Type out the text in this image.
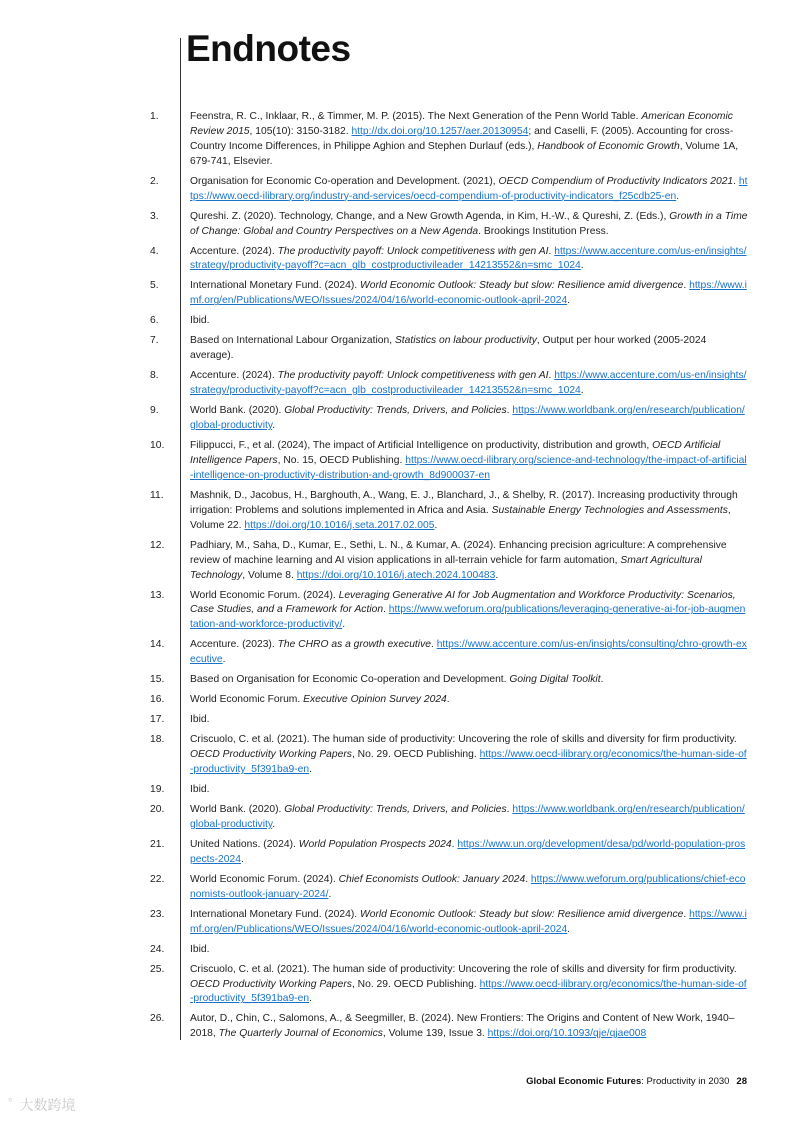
Endnotes
1.	Feenstra, R. C., Inklaar, R., & Timmer, M. P. (2015). The Next Generation of the Penn World Table. American Economic Review 2015, 105(10): 3150-3182. http://dx.doi.org/10.1257/aer.20130954; and Caselli, F. (2005). Accounting for cross-Country Income Differences, in Philippe Aghion and Stephen Durlauf (eds.), Handbook of Economic Growth, Volume 1A, 679-741, Elsevier.
2.	Organisation for Economic Co-operation and Development. (2021), OECD Compendium of Productivity Indicators 2021. https://www.oecd-ilibrary.org/industry-and-services/oecd-compendium-of-productivity-indicators_f25cdb25-en.
3.	Qureshi. Z. (2020). Technology, Change, and a New Growth Agenda, in Kim, H.-W., & Qureshi, Z. (Eds.), Growth in a Time of Change: Global and Country Perspectives on a New Agenda. Brookings Institution Press.
4.	Accenture. (2024). The productivity payoff: Unlock competitiveness with gen AI. https://www.accenture.com/us-en/insights/strategy/productivity-payoff?c=acn_glb_costproductivileader_14213552&n=smc_1024.
5.	International Monetary Fund. (2024). World Economic Outlook: Steady but slow: Resilience amid divergence. https://www.imf.org/en/Publications/WEO/Issues/2024/04/16/world-economic-outlook-april-2024.
6.	Ibid.
7.	Based on International Labour Organization, Statistics on labour productivity, Output per hour worked (2005-2024 average).
8.	Accenture. (2024). The productivity payoff: Unlock competitiveness with gen AI. https://www.accenture.com/us-en/insights/strategy/productivity-payoff?c=acn_glb_costproductivileader_14213552&n=smc_1024.
9.	World Bank. (2020). Global Productivity: Trends, Drivers, and Policies. https://www.worldbank.org/en/research/publication/global-productivity.
10.	Filippucci, F., et al. (2024), The impact of Artificial Intelligence on productivity, distribution and growth, OECD Artificial Intelligence Papers, No. 15, OECD Publishing. https://www.oecd-ilibrary.org/science-and-technology/the-impact-of-artificial-intelligence-on-productivity-distribution-and-growth_8d900037-en
11.	Mashnik, D., Jacobus, H., Barghouth, A., Wang, E. J., Blanchard, J., & Shelby, R. (2017). Increasing productivity through irrigation: Problems and solutions implemented in Africa and Asia. Sustainable Energy Technologies and Assessments, Volume 22. https://doi.org/10.1016/j.seta.2017.02.005.
12.	Padhiary, M., Saha, D., Kumar, E., Sethi, L. N., & Kumar, A. (2024). Enhancing precision agriculture: A comprehensive review of machine learning and AI vision applications in all-terrain vehicle for farm automation, Smart Agricultural Technology, Volume 8. https://doi.org/10.1016/j.atech.2024.100483.
13.	World Economic Forum. (2024). Leveraging Generative AI for Job Augmentation and Workforce Productivity: Scenarios, Case Studies, and a Framework for Action. https://www.weforum.org/publications/leveraging-generative-ai-for-job-augmentation-and-workforce-productivity/.
14.	Accenture. (2023). The CHRO as a growth executive. https://www.accenture.com/us-en/insights/consulting/chro-growth-executive.
15.	Based on Organisation for Economic Co-operation and Development. Going Digital Toolkit.
16.	World Economic Forum. Executive Opinion Survey 2024.
17.	Ibid.
18.	Criscuolo, C. et al. (2021). The human side of productivity: Uncovering the role of skills and diversity for firm productivity. OECD Productivity Working Papers, No. 29. OECD Publishing. https://www.oecd-ilibrary.org/economics/the-human-side-of-productivity_5f391ba9-en.
19.	Ibid.
20.	World Bank. (2020). Global Productivity: Trends, Drivers, and Policies. https://www.worldbank.org/en/research/publication/global-productivity.
21.	United Nations. (2024). World Population Prospects 2024. https://www.un.org/development/desa/pd/world-population-prospects-2024.
22.	World Economic Forum. (2024). Chief Economists Outlook: January 2024. https://www.weforum.org/publications/chief-economists-outlook-january-2024/.
23.	International Monetary Fund. (2024). World Economic Outlook: Steady but slow: Resilience amid divergence. https://www.imf.org/en/Publications/WEO/Issues/2024/04/16/world-economic-outlook-april-2024.
24.	Ibid.
25.	Criscuolo, C. et al. (2021). The human side of productivity: Uncovering the role of skills and diversity for firm productivity. OECD Productivity Working Papers, No. 29. OECD Publishing. https://www.oecd-ilibrary.org/economics/the-human-side-of-productivity_5f391ba9-en.
26.	Autor, D., Chin, C., Salomons, A., & Seegmiller, B. (2024). New Frontiers: The Origins and Content of New Work, 1940–2018, The Quarterly Journal of Economics, Volume 139, Issue 3. https://doi.org/10.1093/qje/qjae008
Global Economic Futures: Productivity in 2030 28
ﾟ 大数跨境
